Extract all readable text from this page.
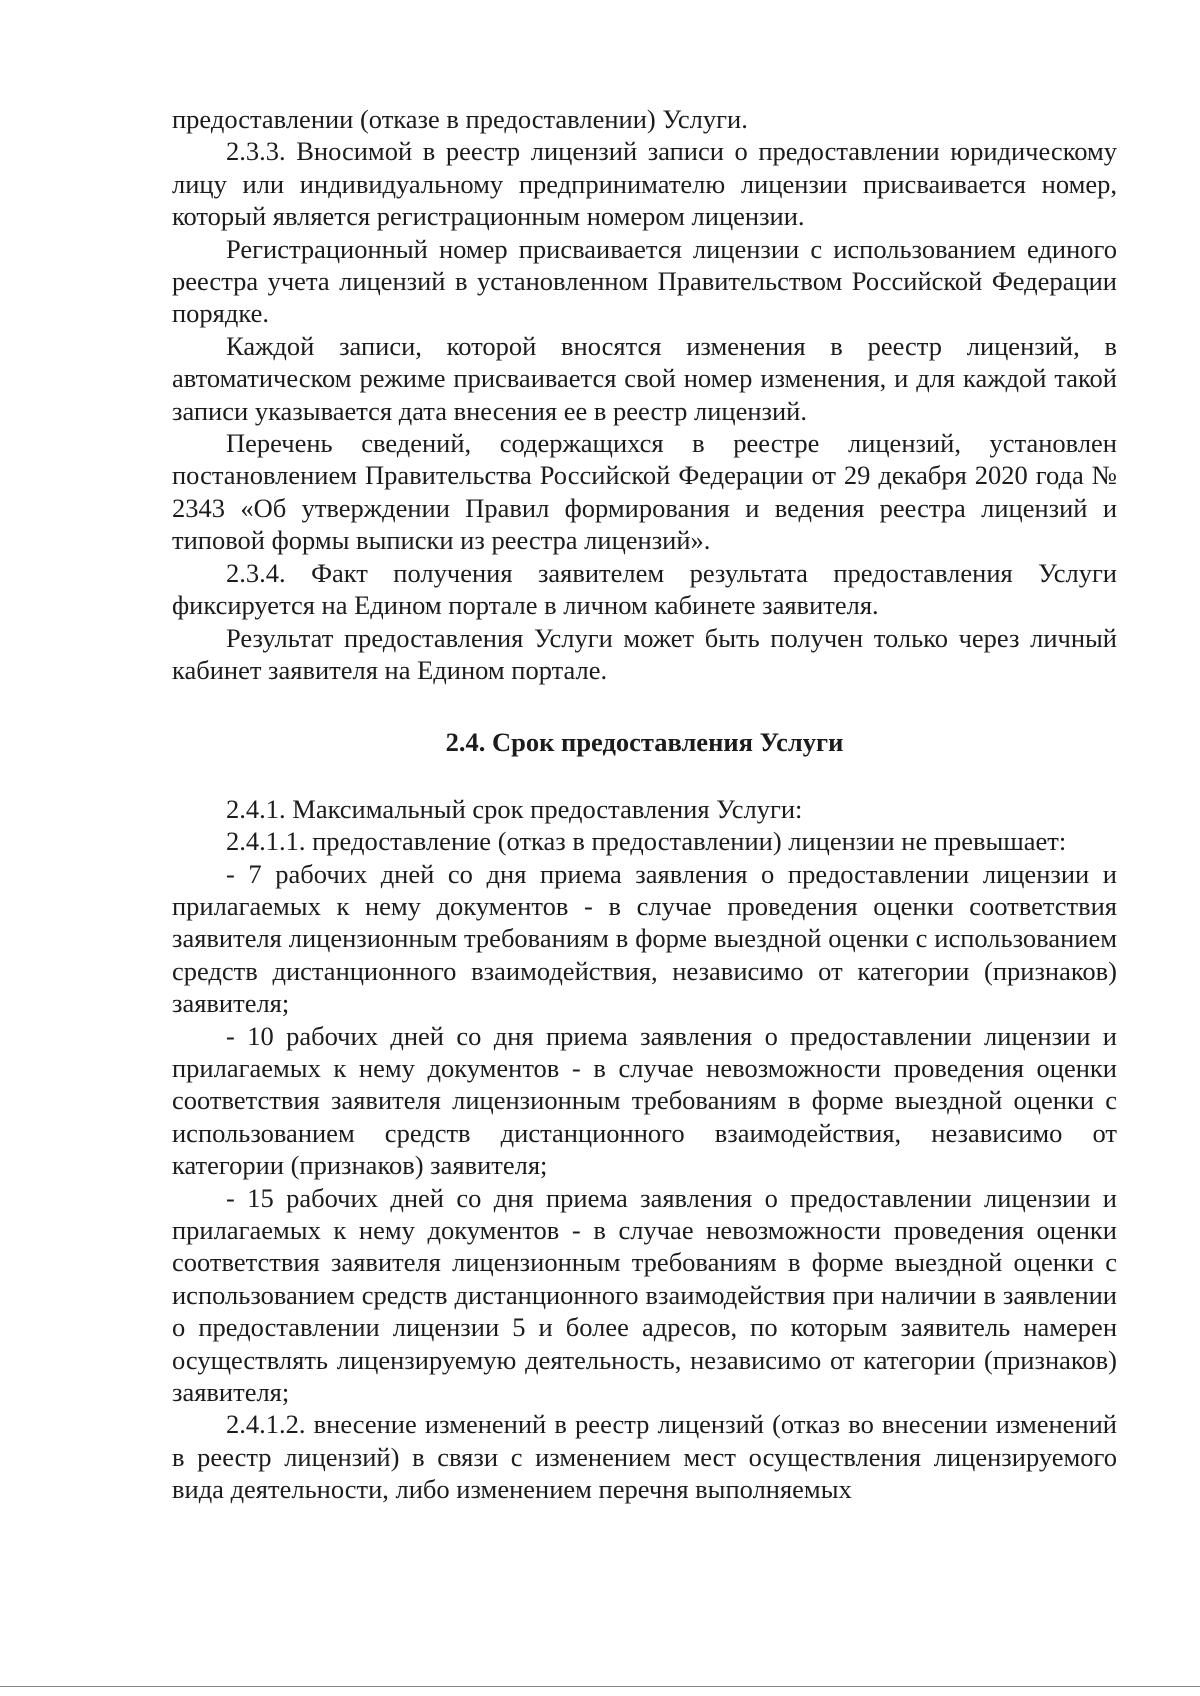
предоставлении (отказе в предоставлении) Услуги.

2.3.3. Вносимой в реестр лицензий записи о предоставлении юридическому лицу или индивидуальному предпринимателю лицензии присваивается номер, который является регистрационным номером лицензии.

Регистрационный номер присваивается лицензии с использованием единого реестра учета лицензий в установленном Правительством Российской Федерации порядке.

Каждой записи, которой вносятся изменения в реестр лицензий, в автоматическом режиме присваивается свой номер изменения, и для каждой такой записи указывается дата внесения ее в реестр лицензий.

Перечень сведений, содержащихся в реестре лицензий, установлен постановлением Правительства Российской Федерации от 29 декабря 2020 года № 2343 «Об утверждении Правил формирования и ведения реестра лицензий и типовой формы выписки из реестра лицензий».

2.3.4. Факт получения заявителем результата предоставления Услуги фиксируется на Едином портале в личном кабинете заявителя.

Результат предоставления Услуги может быть получен только через личный кабинет заявителя на Едином портале.

2.4. Срок предоставления Услуги

2.4.1. Максимальный срок предоставления Услуги:

2.4.1.1. предоставление (отказ в предоставлении) лицензии не превышает:

- 7 рабочих дней со дня приема заявления о предоставлении лицензии и прилагаемых к нему документов - в случае проведения оценки соответствия заявителя лицензионным требованиям в форме выездной оценки с использованием средств дистанционного взаимодействия, независимо от категории (признаков) заявителя;

- 10 рабочих дней со дня приема заявления о предоставлении лицензии и прилагаемых к нему документов - в случае невозможности проведения оценки соответствия заявителя лицензионным требованиям в форме выездной оценки с использованием средств дистанционного взаимодействия, независимо от категории (признаков) заявителя;

- 15 рабочих дней со дня приема заявления о предоставлении лицензии и прилагаемых к нему документов - в случае невозможности проведения оценки соответствия заявителя лицензионным требованиям в форме выездной оценки с использованием средств дистанционного взаимодействия при наличии в заявлении о предоставлении лицензии 5 и более адресов, по которым заявитель намерен осуществлять лицензируемую деятельность, независимо от категории (признаков) заявителя;

2.4.1.2. внесение изменений в реестр лицензий (отказ во внесении изменений в реестр лицензий) в связи с изменением мест осуществления лицензируемого вида деятельности, либо изменением перечня выполняемых
